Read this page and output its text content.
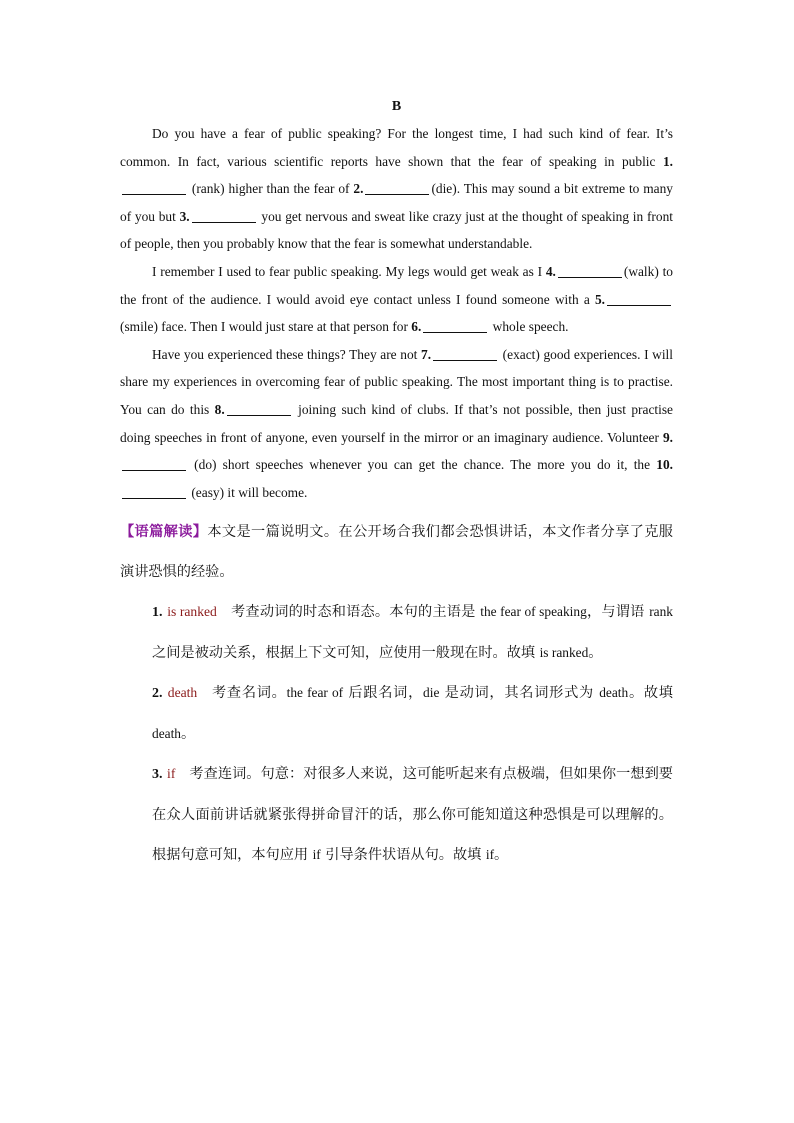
B

Do you have a fear of public speaking? For the longest time, I had such kind of fear. It’s common. In fact, various scientific reports have shown that the fear of speaking in public 1. (rank) higher than the fear of 2.	(die). This may sound a bit extreme to many of you but 3.	you get nervous and sweat like crazy just at the thought of speaking in front of people, then you probably know that the fear is somewhat understandable.

I remember I used to fear public speaking. My legs would get weak as I 4.	(walk) to the front of the audience. I would avoid eye contact unless I found someone with a 5. (smile) face. Then I would just stare at that person for 6.	whole speech.

Have you experienced these things? They are not 7.	(exact) good experiences. I will share my experiences in overcoming fear of public speaking. The most important thing is to practise. You can do this 8.	joining such kind of clubs. If that’s not possible, then just practise doing speeches in front of anyone, even yourself in the mirror or an imaginary audience. Volunteer 9. (do) short speeches whenever you can get the chance. The more you do it, the 10. (easy) it will become.

【语篇解读】本文是一篇说明文。在公开场合我们都会恐惧讲话，本文作者分享了克服演讲恐惧的经验。

1. is ranked 考查动词的时态和语态。本句的主语是 the fear of speaking，与谓语 rank 之间是被动关系，根据上下文可知，应使用一般现在时。故填 is ranked。

2. death 考查名词。the fear of 后跟名词，die 是动词，其名词形式为 death。故填 death。

3. if 考查连词。句意：对很多人来说，这可能听起来有点极端，但如果你一想到要在众人面前讲话就紧张得拼命冒汗的话，那么你可能知道这种恐惧是可以理解的。根据句意可知，本句应用 if 引导条件状语从句。故填 if。
